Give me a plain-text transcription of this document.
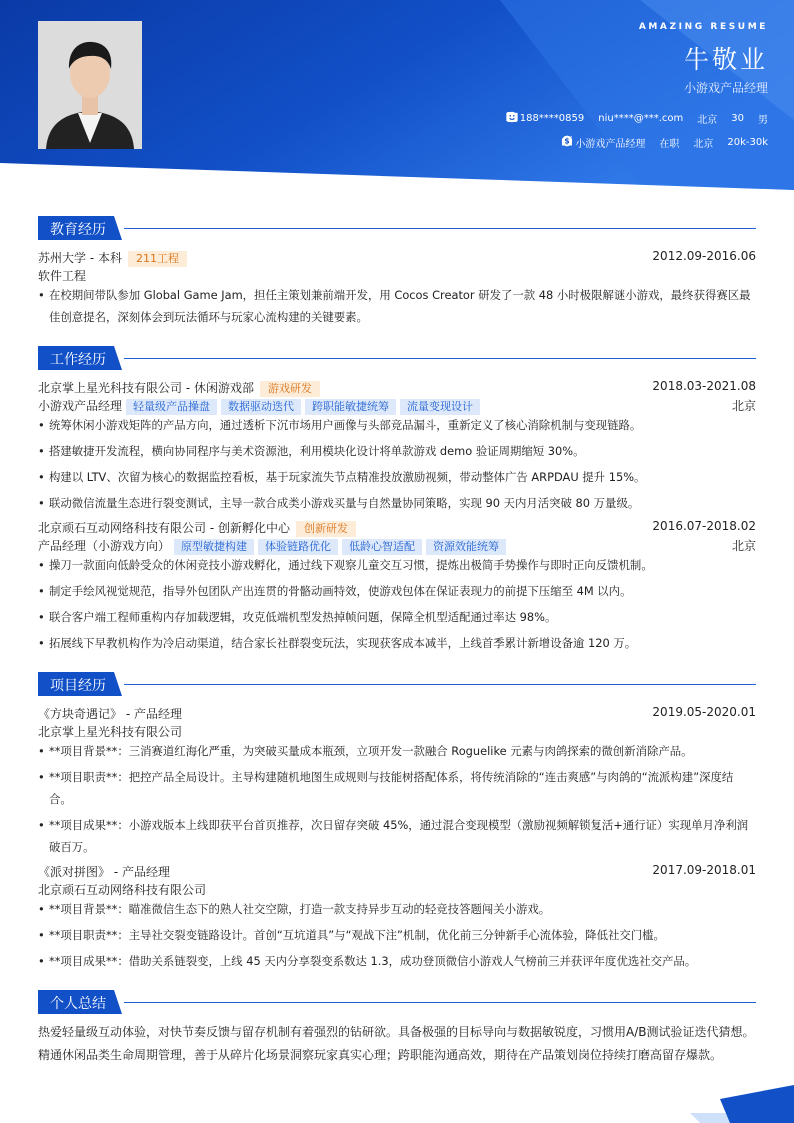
AMAZING RESUME
牛敬业
小游戏产品经理
188****0859 niu****@***.com 北京 30 男
小游戏产品经理 在职 北京
$	20k-30k
教育经历
苏州大学 - 本科 211工程	2012.09-2016.06
软件工程
• 在校期间带队参加 Global Game Jam，担任主策划兼前端开发，用 Cocos Creator 研发了一款 48 小时极限解谜小游戏，最终获得赛区最佳创意提名，深刻体会到玩法循环与玩家心流构建的关键要素。
工作经历
北京掌上星光科技有限公司 - 休闲游戏部 游戏研发	2018.03-2021.08
小游戏产品经理 轻量级产品操盘 数据驱动迭代 跨职能敏捷统筹 流量变现设计	北京
• 统筹休闲小游戏矩阵的产品方向，通过透析下沉市场用户画像与头部竞品漏斗，重新定义了核心消除机制与变现链路。
• 搭建敏捷开发流程，横向协同程序与美术资源池，利用模块化设计将单款游戏 demo 验证周期缩短 30%。
• 构建以 LTV、次留为核心的数据监控看板，基于玩家流失节点精准投放激励视频，带动整体广告 ARPDAU 提升 15%。
• 联动微信流量生态进行裂变测试，主导一款合成类小游戏买量与自然量协同策略，实现 90 天内月活突破 80 万量级。
北京顽石互动网络科技有限公司 - 创新孵化中心 创新研发	2016.07-2018.02
产品经理（小游戏方向） 原型敏捷构建 体验链路优化 低龄心智适配 资源效能统筹	北京
• 操刀一款面向低龄受众的休闲竞技小游戏孵化，通过线下观察儿童交互习惯，提炼出极简手势操作与即时正向反馈机制。
• 制定手绘风视觉规范，指导外包团队产出连贯的骨骼动画特效，使游戏包体在保证表现力的前提下压缩至 4M 以内。
• 联合客户端工程师重构内存加载逻辑，攻克低端机型发热掉帧问题，保障全机型适配通过率达 98%。
• 拓展线下早教机构作为冷启动渠道，结合家长社群裂变玩法，实现获客成本减半，上线首季累计新增设备逾 120 万。
项目经历
《方块奇遇记》 - 产品经理	2019.05-2020.01
北京掌上星光科技有限公司
• **项目背景**：三消赛道红海化严重，为突破买量成本瓶颈，立项开发一款融合 Roguelike 元素与肉鸽探索的微创新消除产品。
• **项目职责**：把控产品全局设计。主导构建随机地图生成规则与技能树搭配体系，将传统消除的“连击爽感”与肉鸽的“流派构建”深度结合。
• **项目成果**：小游戏版本上线即获平台首页推荐，次日留存突破 45%，通过混合变现模型（激励视频解锁复活+通行证）实现单月净利润破百万。
《派对拼图》 - 产品经理	2017.09-2018.01
北京顽石互动网络科技有限公司
• **项目背景**：瞄准微信生态下的熟人社交空隙，打造一款支持异步互动的轻竞技答题闯关小游戏。
• **项目职责**：主导社交裂变链路设计。首创“互坑道具”与“观战下注”机制，优化前三分钟新手心流体验，降低社交门槛。
• **项目成果**：借助关系链裂变，上线 45 天内分享裂变系数达 1.3，成功登顶微信小游戏人气榜前三并获评年度优选社交产品。
个人总结
热爱轻量级互动体验，对快节奏反馈与留存机制有着强烈的钻研欲。具备极强的目标导向与数据敏锐度，习惯用A/B测试验证迭代猜想。精通休闲品类生命周期管理，善于从碎片化场景洞察玩家真实心理；跨职能沟通高效，期待在产品策划岗位持续打磨高留存爆款。
